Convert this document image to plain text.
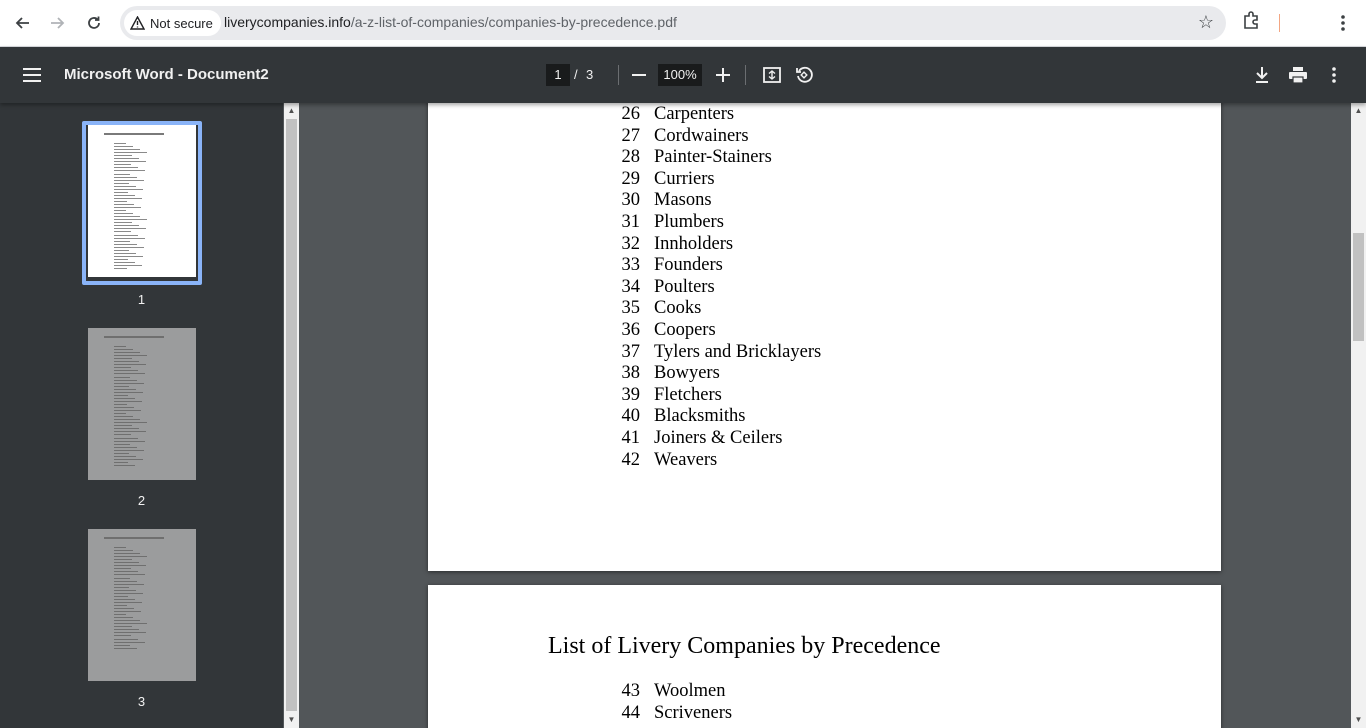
Not secure liverycompanies.info/a-z-list-of-companies/companies-by-precedence.pdf	☆
Microsoft Word - Document2	1 / 3	100%
1
2
3
▲
▼
26 Carpenters
27 Cordwainers
28 Painter-Stainers
29 Curriers
30 Masons
31 Plumbers
32 Innholders
33 Founders
34 Poulters
35 Cooks
36 Coopers
37 Tylers and Bricklayers
38 Bowyers
39 Fletchers
40 Blacksmiths
41 Joiners & Ceilers
42 Weavers
List of Livery Companies by Precedence
43 Woolmen
44 Scriveners
▲
▼
